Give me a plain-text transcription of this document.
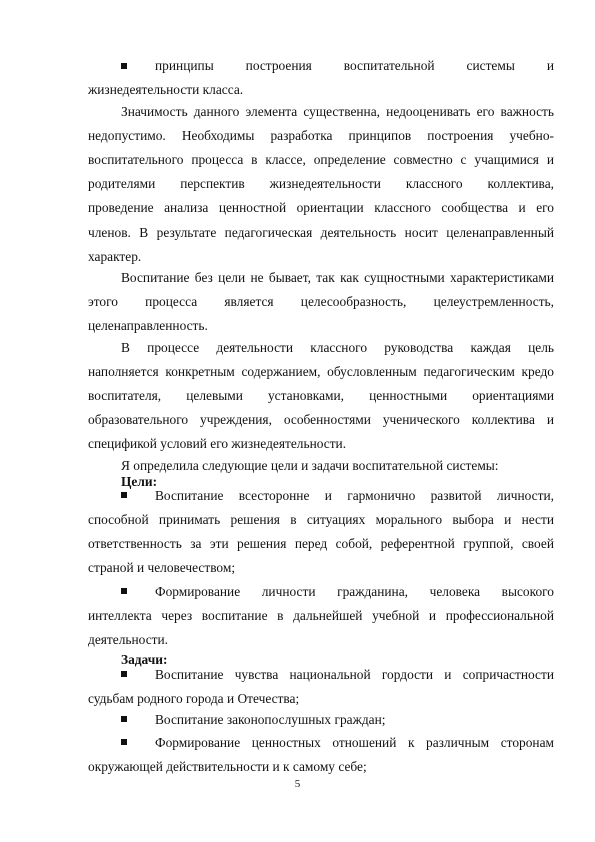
принципы построения воспитательной системы и
жизнедеятельности класса.
Значимость данного элемента существенна, недооценивать его важность
недопустимо. Необходимы разработка принципов построения учебно-
воспитательного процесса в классе, определение совместно с учащимися и
родителями перспектив жизнедеятельности классного коллектива,
проведение анализа ценностной ориентации классного сообщества и его
членов. В результате педагогическая деятельность носит целенаправленный
характер.
Воспитание без цели не бывает, так как сущностными характеристиками
этого процесса является целесообразность, целеустремленность,
целенаправленность.
В процессе деятельности классного руководства каждая цель
наполняется конкретным содержанием, обусловленным педагогическим кредо
воспитателя, целевыми установками, ценностными ориентациями
образовательного учреждения, особенностями ученического коллектива и
спецификой условий его жизнедеятельности.
Я определила следующие цели и задачи воспитательной системы:
Цели:
Воспитание всесторонне и гармонично развитой личности,
способной принимать решения в ситуациях морального выбора и нести
ответственность за эти решения перед собой, референтной группой, своей
страной и человечеством;
Формирование личности гражданина, человека высокого
интеллекта через воспитание в дальнейшей учебной и профессиональной
деятельности.
Задачи:
Воспитание чувства национальной гордости и сопричастности
судьбам родного города и Отечества;
Воспитание законопослушных граждан;
Формирование ценностных отношений к различным сторонам
окружающей действительности и к самому себе;
5
